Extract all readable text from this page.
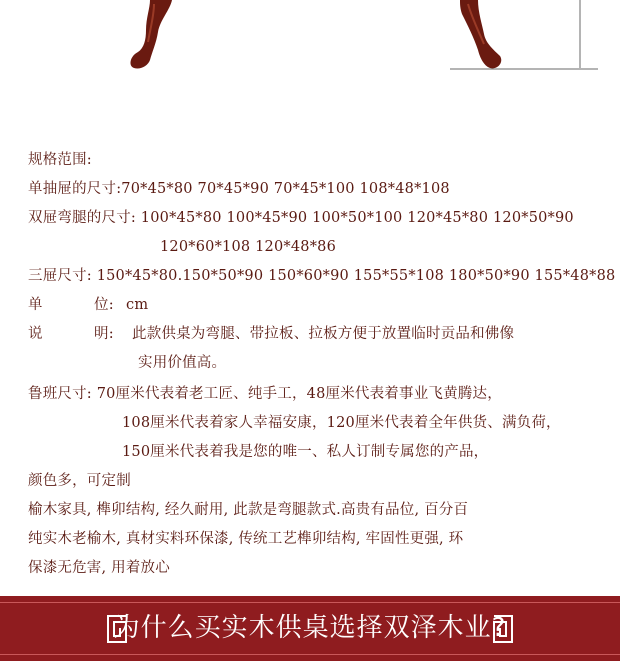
规格范围:
单抽屉的尺寸:70*45*80 70*45*90 70*45*100 108*48*108
双屉弯腿的尺寸: 100*45*80 100*45*90 100*50*100 120*45*80 120*50*90
120*60*108 120*48*86
三屉尺寸: 150*45*80.150*50*90 150*60*90 155*55*108 180*50*90 155*48*88
单	位: cm
说	明: 此款供桌为弯腿、带拉板、拉板方便于放置临时贡品和佛像
实用价值高。
鲁班尺寸: 70厘米代表着老工匠、纯手工，48厘米代表着事业飞黄腾达，
108厘米代表着家人幸福安康，120厘米代表着全年供货、满负荷，
150厘米代表着我是您的唯一、私人订制专属您的产品，
颜色多，可定制
榆木家具, 榫卯结构, 经久耐用, 此款是弯腿款式.高贵有品位, 百分百
纯实木老榆木, 真材实料环保漆, 传统工艺榫卯结构, 牢固性更强, 环
保漆无危害, 用着放心
为什么买实木供桌选择双泽木业?
